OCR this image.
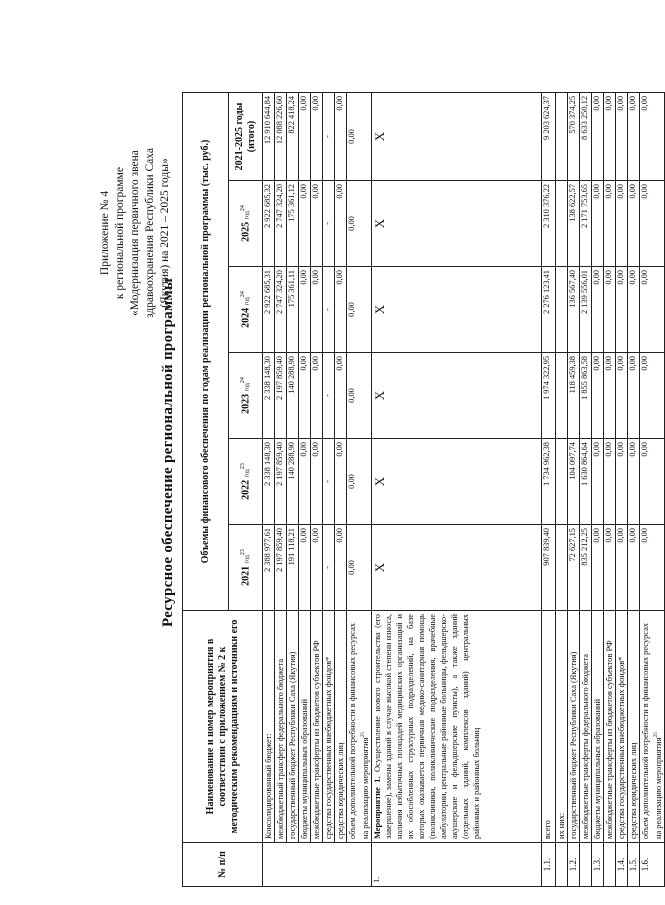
Приложение № 4 к региональной программе «Модернизация первичного звена здравоохранения Республики Саха (Якутия) на 2021 – 2025 годы»
Ресурсное обеспечение региональной программы
№ п/п	Наименование и номер мероприятия в соответствии с приложением № 2 к методическим рекомендациям и источники его	Объемы финансового обеспечения по годам реализации региональной программы (тыс. руб.)					
		2021 год$^{23}$	2022 год$^{23}$	2023 год$^{24}$	2024 год$^{24}$	2025 год$^{24}$	2021-2025 годы (итого)
	Консолидированный бюджет:	2 388 977,61	2 338 148,30	2 338 148,30	2 922 685,31	2 922 685,32	12 910 644,84
	межбюджетный трансферт федерального бюджета	2 197 859,40	2 197 859,40	2 197 859,40	2 747 324,20	2 747 324,20	12 088 226,60
	государственный бюджет Республики Саха (Якутия)	191 118,21	140 288,90	140 288,90	175 361,11	175 361,12	822 418,24
	бюджеты муниципальных образований	0,00	0,00	0,00	0,00	0,00	0,00
	межбюджетные трансферты из бюджетов субъектов РФ	0,00	0,00	0,00	0,00	0,00	0,00
	средства государственных внебюджетных фондов*	-	-	-	-	-	-
	средства юридических лиц	0,00	0,00	0,00	0,00	0,00	0,00
	объем дополнительной потребности в финансовых ресурсах на реализацию мероприятия$^{25}$	0,00	0,00	0,00	0,00	0,00	0,00
1.	Мероприятие 1. Осуществление нового строительства (его завершение), замены зданий в случае высокой степени износа, наличия избыточных площадей медицинских организаций и их обособленных структурных подразделений, на базе которых оказывается первичная медико-санитарная помощь (поликлиники, поликлинические подразделения, врачебные амбулатории, центральные районные больницы, фельдшерско-акушерские и фельдшерские пункты), а также зданий (отдельных зданий, комплексов зданий) центральных районных и районных больниц	X	X	X	X	X	X
1.1.	всего	907 839,40	1 734 962,38	1 974 322,95	2 276 123,41	2 310 376,22	9 203 624,37
	их них:						
1.2.	государственный бюджет Республики Саха (Якутия)	72 627,15	104 097,74	118 459,38	136 567,40	138 622,57	570 374,25
	межбюджетные трансферты федерального бюджета	835 212,25	1 630 864,64	1 855 863,58	2 139 556,01	2 171 753,65	8 633 250,12
1.3.	бюджеты муниципальных образований	0,00	0,00	0,00	0,00	0,00	0,00
	межбюджетные трансферты из бюджетов субъектов РФ	0,00	0,00	0,00	0,00	0,00	0,00
1.4.	средства государственных внебюджетных фондов*	0,00	0,00	0,00	0,00	0,00	0,00
1.5.	средства юридических лиц	0,00	0,00	0,00	0,00	0,00	0,00
1.6.	объем дополнительной потребности в финансовых ресурсах на реализацию мероприятия$^{25}$	0,00	0,00	0,00	0,00	0,00	0,00
